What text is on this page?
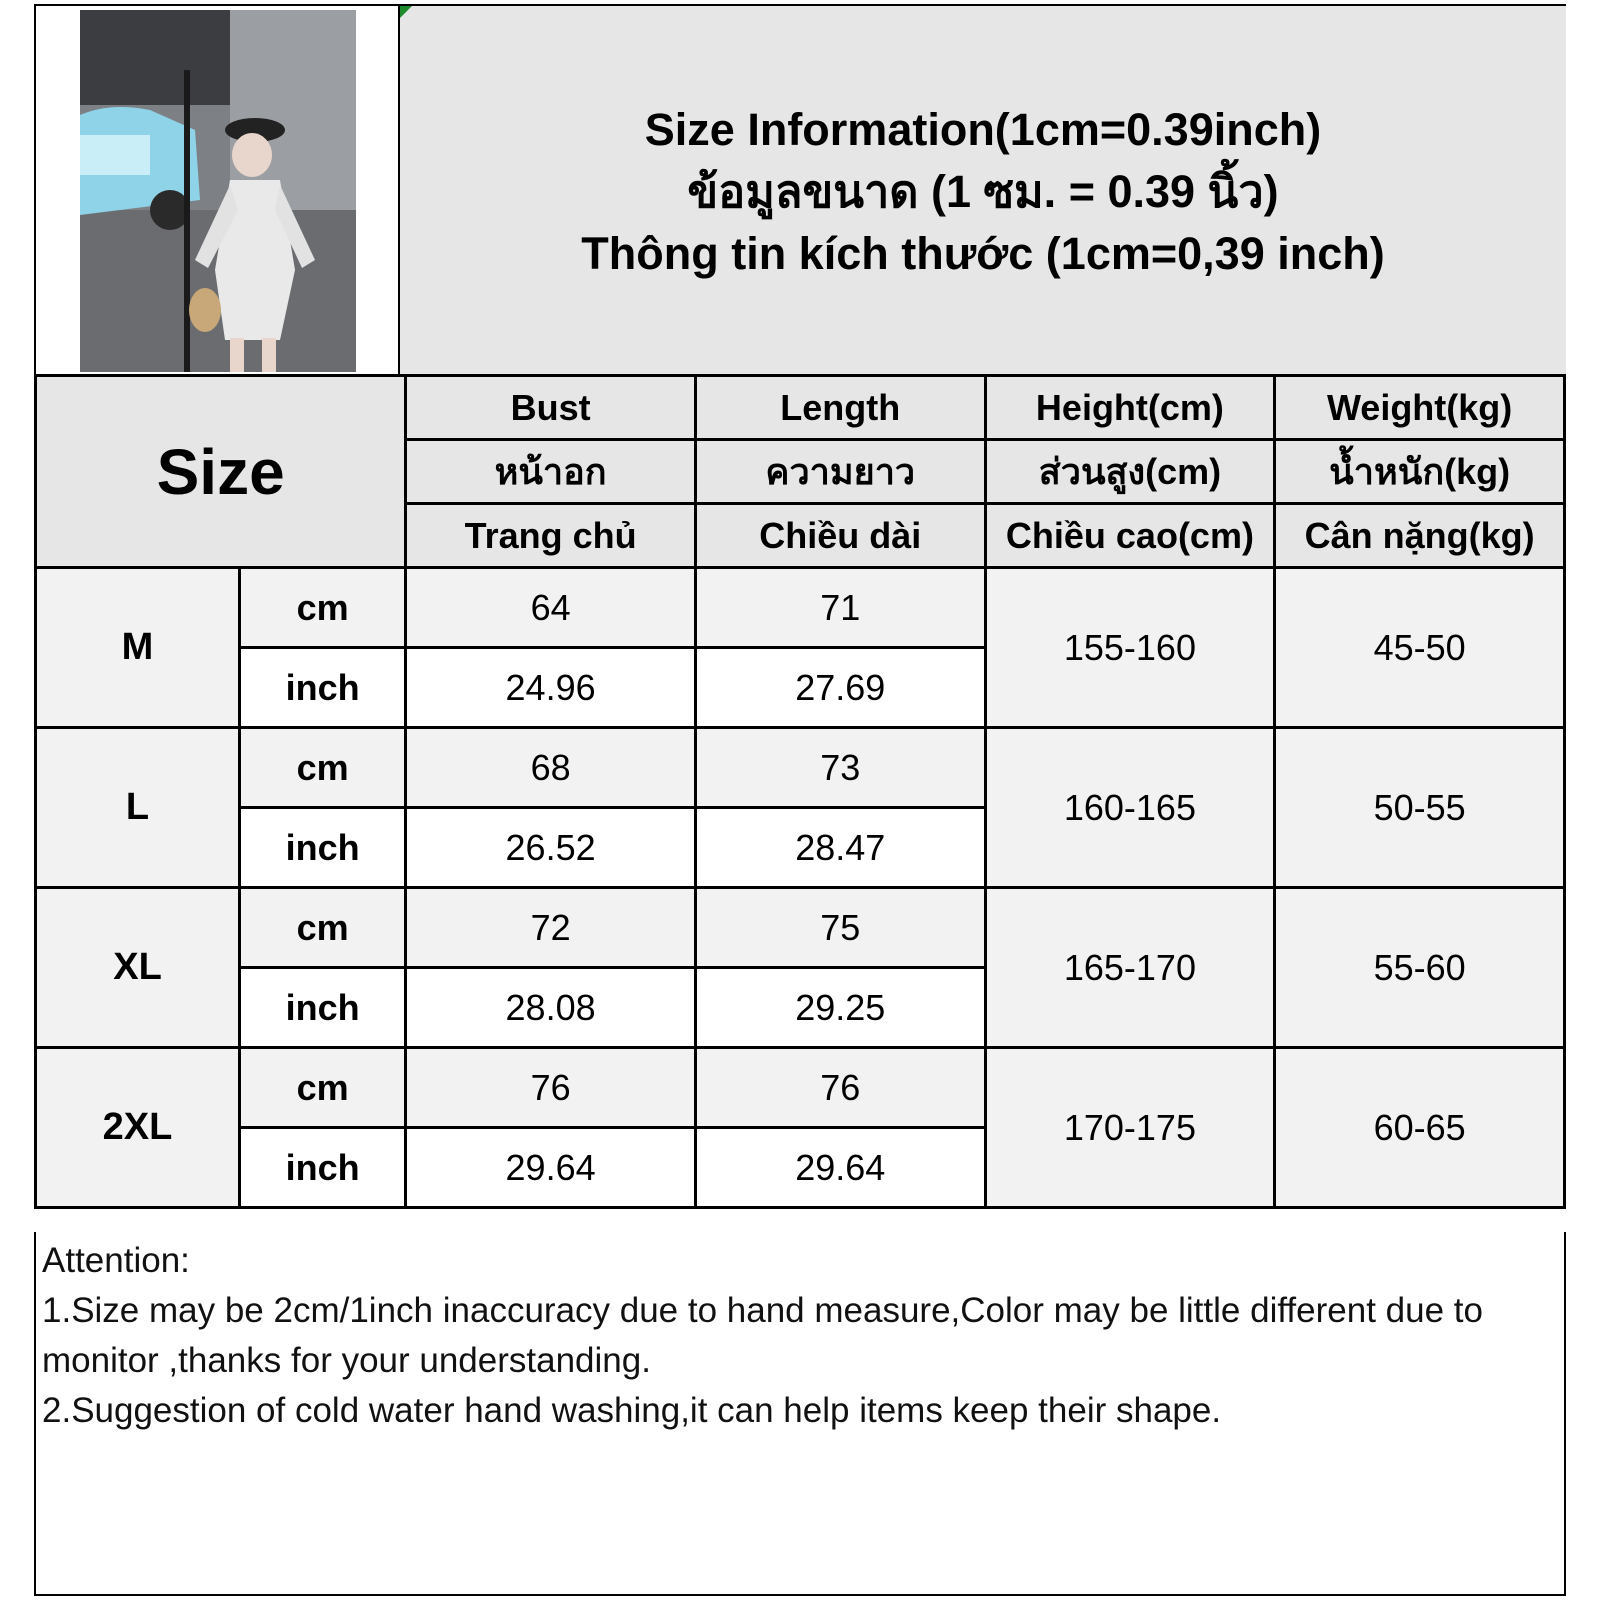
Size Information(1cm=0.39inch)
ข้อมูลขนาด (1 ซม. = 0.39 นิ้ว)
Thông tin kích thước (1cm=0,39 inch)
Size		Bust	Length	Height(cm)	Weight(kg)
		หน้าอก	ความยาว	ส่วนสูง(cm)	น้ำหนัก(kg)
		Trang chủ	Chiều dài	Chiều cao(cm)	Cân nặng(kg)
M	cm	64	71	155-160	45-50
	inch	24.96	27.69		
L	cm	68	73	160-165	50-55
	inch	26.52	28.47		
XL	cm	72	75	165-170	55-60
	inch	28.08	29.25		
2XL	cm	76	76	170-175	60-65
	inch	29.64	29.64		

Attention:

1.Size may be 2cm/1inch inaccuracy due to hand measure,Color may be little different due to monitor ,thanks for your understanding.

2.Suggestion of cold water hand washing,it can help items keep their shape.
